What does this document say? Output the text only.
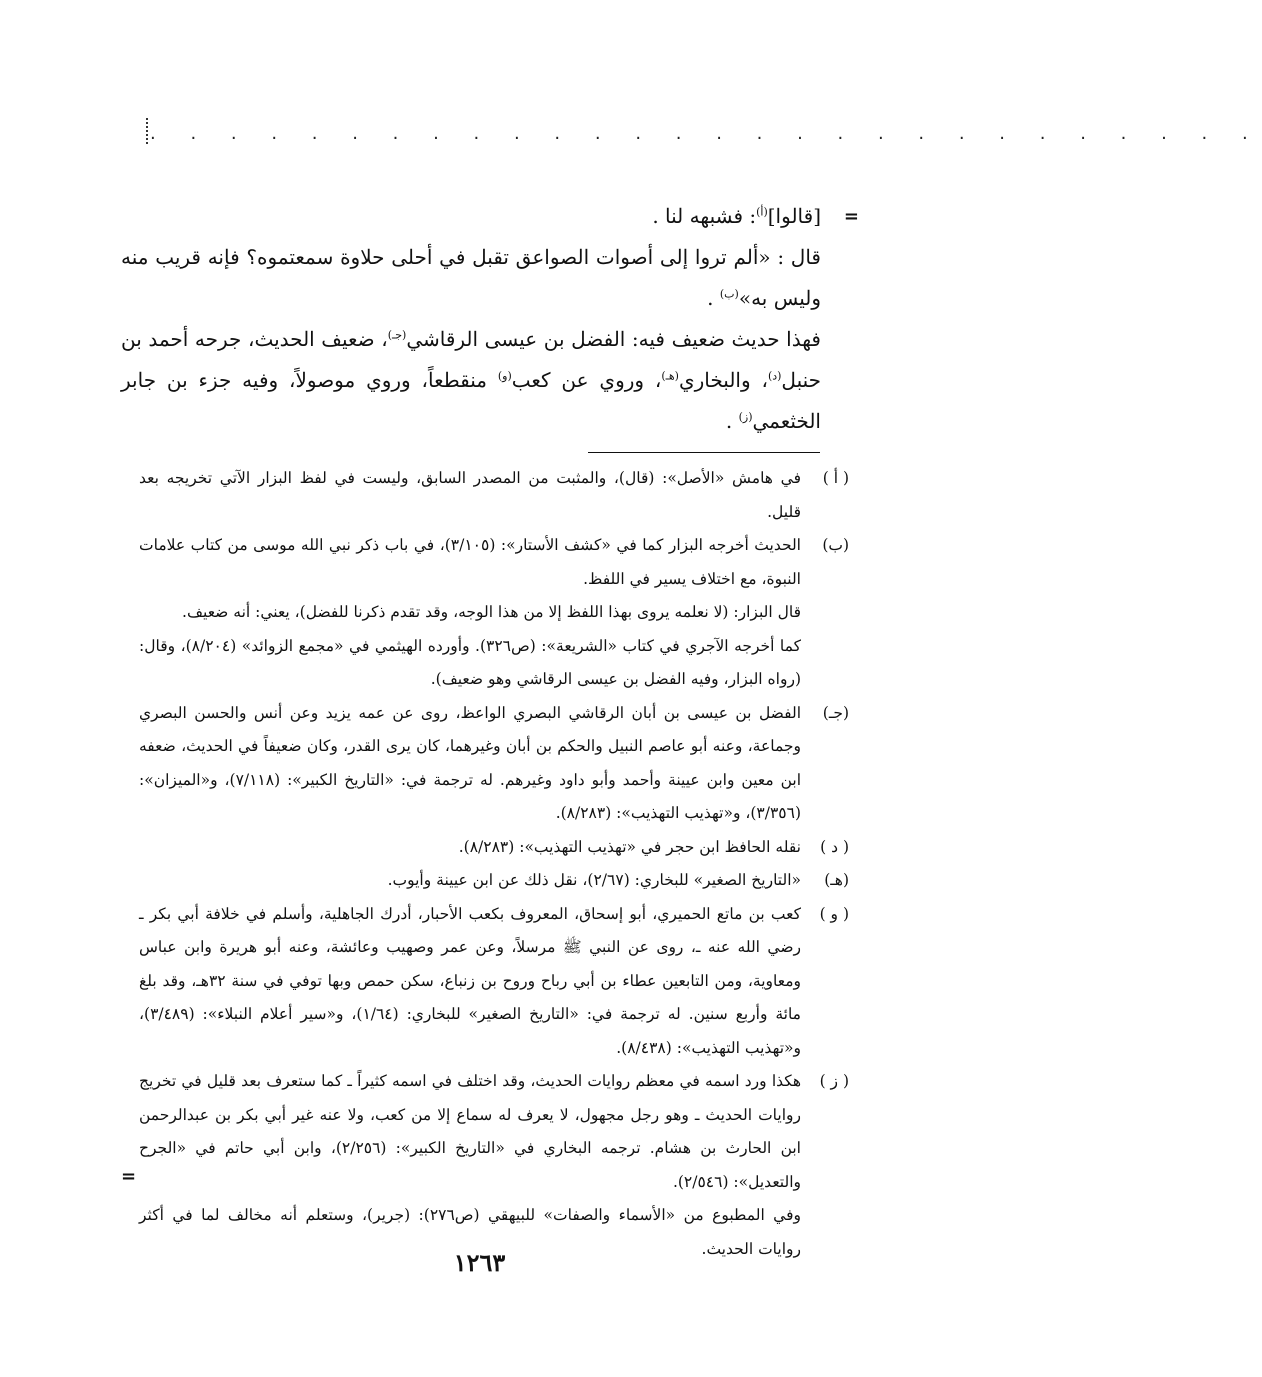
· · · · · · · · · · · · · · · · · · · · · · · · · · · ·
=

[قالوا]$^{(أ)}$: فشبهه لنا .

قال : «ألم تروا إلى أصوات الصواعق تقبل في أحلى حلاوة سمعتموه؟ فإنه قريب منه وليس به»$^{(ب)}$ .

فهذا حديث ضعيف فيه: الفضل بن عيسى الرقاشي$^{(جـ)}$، ضعيف الحديث، جرحه أحمد بن حنبل$^{(د)}$، والبخاري$^{(هـ)}$، وروي عن كعب$^{(و)}$ منقطعاً، وروي موصولاً، وفيه جزء بن جابر الخثعمي$^{(ز)}$ .

( أ )

في هامش «الأصل»: (قال)، والمثبت من المصدر السابق، وليست في لفظ البزار الآتي تخريجه بعد قليل.

(ب)

الحديث أخرجه البزار كما في «كشف الأستار»: (٣/١٠٥)، في باب ذكر نبي الله موسى من كتاب علامات النبوة، مع اختلاف يسير في اللفظ.

قال البزار: (لا نعلمه يروى بهذا اللفظ إلا من هذا الوجه، وقد تقدم ذكرنا للفضل)، يعني: أنه ضعيف.

كما أخرجه الآجري في كتاب «الشريعة»: (ص٣٢٦). وأورده الهيثمي في «مجمع الزوائد» (٨/٢٠٤)، وقال: (رواه البزار، وفيه الفضل بن عيسى الرقاشي وهو ضعيف).

(جـ)

الفضل بن عيسى بن أبان الرقاشي البصري الواعظ، روى عن عمه يزيد وعن أنس والحسن البصري وجماعة، وعنه أبو عاصم النبيل والحكم بن أبان وغيرهما، كان يرى القدر، وكان ضعيفاً في الحديث، ضعفه ابن معين وابن عيينة وأحمد وأبو داود وغيرهم. له ترجمة في: «التاريخ الكبير»: (٧/١١٨)، و«الميزان»: (٣/٣٥٦)، و«تهذيب التهذيب»: (٨/٢٨٣).

( د )

نقله الحافظ ابن حجر في «تهذيب التهذيب»: (٨/٢٨٣).

(هـ)

«التاريخ الصغير» للبخاري: (٢/٦٧)، نقل ذلك عن ابن عيينة وأيوب.

( و )

كعب بن ماتع الحميري، أبو إسحاق، المعروف بكعب الأحبار، أدرك الجاهلية، وأسلم في خلافة أبي بكر ـ رضي الله عنه ـ، روى عن النبي ﷺ مرسلاً، وعن عمر وصهيب وعائشة، وعنه أبو هريرة وابن عباس ومعاوية، ومن التابعين عطاء بن أبي رباح وروح بن زنباع، سكن حمص وبها توفي في سنة ٣٢هـ، وقد بلغ مائة وأربع سنين. له ترجمة في: «التاريخ الصغير» للبخاري: (١/٦٤)، و«سير أعلام النبلاء»: (٣/٤٨٩)، و«تهذيب التهذيب»: (٨/٤٣٨).

( ز )

هكذا ورد اسمه في معظم روايات الحديث، وقد اختلف في اسمه كثيراً ـ كما ستعرف بعد قليل في تخريج روايات الحديث ـ وهو رجل مجهول، لا يعرف له سماع إلا من كعب، ولا عنه غير أبي بكر بن عبدالرحمن ابن الحارث بن هشام. ترجمه البخاري في «التاريخ الكبير»: (٢/٢٥٦)، وابن أبي حاتم في «الجرح والتعديل»: (٢/٥٤٦).

وفي المطبوع من «الأسماء والصفات» للبيهقي (ص٢٧٦): (جرير)، وستعلم أنه مخالف لما في أكثر روايات الحديث.

=
١٢٦٣
